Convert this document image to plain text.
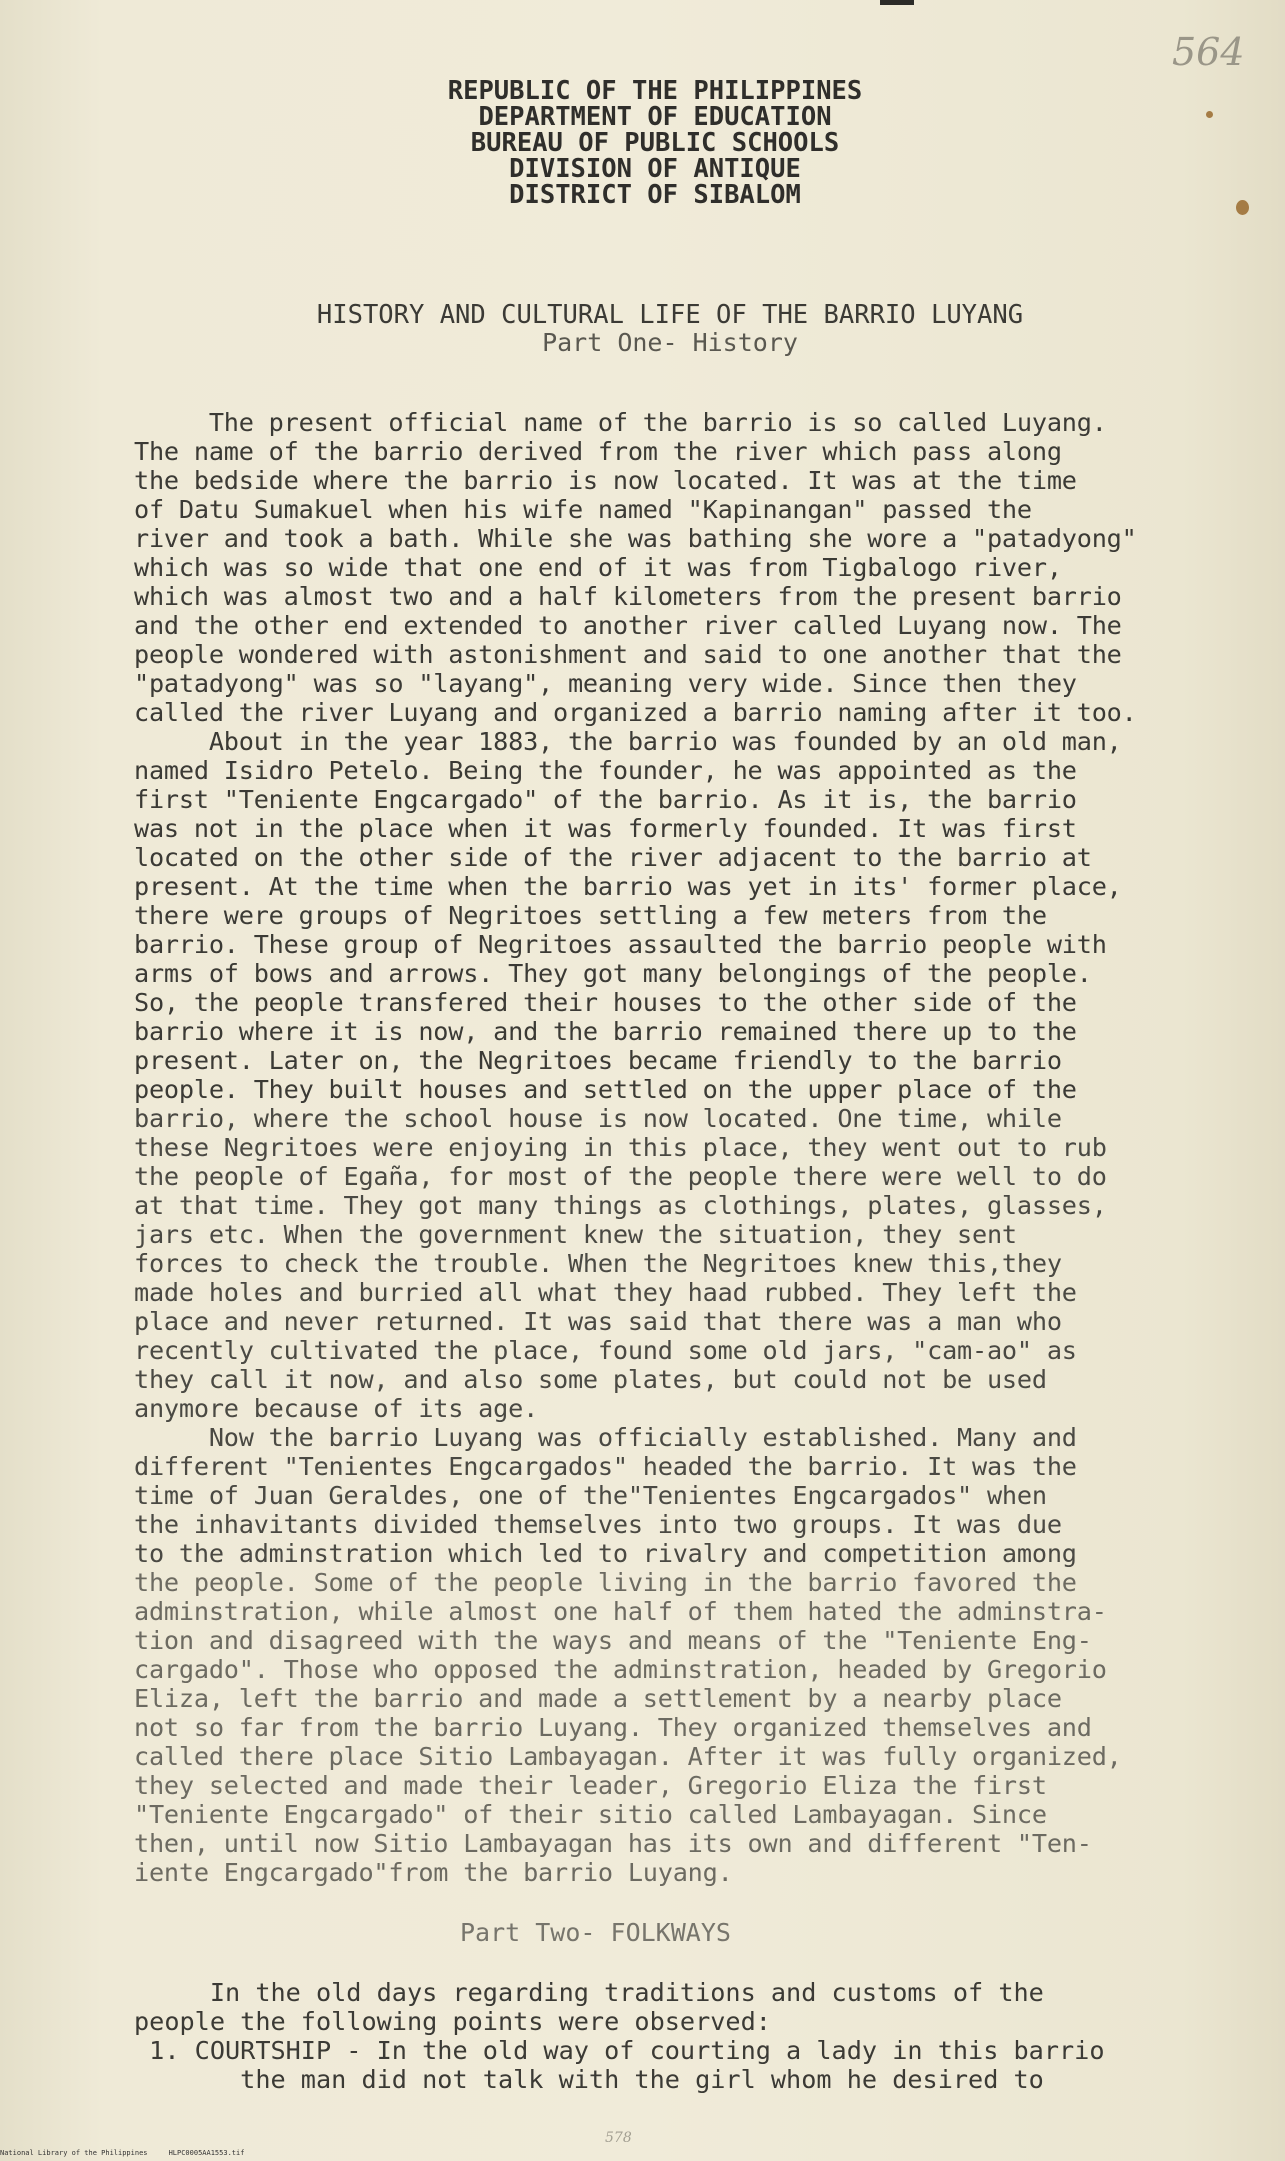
564
REPUBLIC OF THE PHILIPPINES
DEPARTMENT OF EDUCATION
BUREAU OF PUBLIC SCHOOLS
DIVISION OF ANTIQUE
DISTRICT OF SIBALOM
HISTORY AND CULTURAL LIFE OF THE BARRIO LUYANG
Part One- History
The present official name of the barrio is so called Luyang.
The name of the barrio derived from the river which pass along
the bedside where the barrio is now located. It was at the time
of Datu Sumakuel when his wife named "Kapinangan" passed the
river and took a bath. While she was bathing she wore a "patadyong"
which was so wide that one end of it was from Tigbalogo river,
which was almost two and a half kilometers from the present barrio
and the other end extended to another river called Luyang now. The
people wondered with astonishment and said to one another that the
"patadyong" was so "layang", meaning very wide. Since then they
called the river Luyang and organized a barrio naming after it too.
About in the year 1883, the barrio was founded by an old man,
named Isidro Petelo. Being the founder, he was appointed as the
first "Teniente Engcargado" of the barrio. As it is, the barrio
was not in the place when it was formerly founded. It was first
located on the other side of the river adjacent to the barrio at
present. At the time when the barrio was yet in its' former place,
there were groups of Negritoes settling a few meters from the
barrio. These group of Negritoes assaulted the barrio people with
arms of bows and arrows. They got many belongings of the people.
So, the people transfered their houses to the other side of the
barrio where it is now, and the barrio remained there up to the
present. Later on, the Negritoes became friendly to the barrio
people. They built houses and settled on the upper place of the
barrio, where the school house is now located. One time, while
these Negritoes were enjoying in this place, they went out to rub
the people of Egaña, for most of the people there were well to do
at that time. They got many things as clothings, plates, glasses,
jars etc. When the government knew the situation, they sent
forces to check the trouble. When the Negritoes knew this,they
made holes and burried all what they haad rubbed. They left the
place and never returned. It was said that there was a man who
recently cultivated the place, found some old jars, "cam-ao" as
they call it now, and also some plates, but could not be used
anymore because of its age.
Now the barrio Luyang was officially established. Many and
different "Tenientes Engcargados" headed the barrio. It was the
time of Juan Geraldes, one of the"Tenientes Engcargados" when
the inhavitants divided themselves into two groups. It was due
to the adminstration which led to rivalry and competition among
the people. Some of the people living in the barrio favored the
adminstration, while almost one half of them hated the adminstra-
tion and disagreed with the ways and means of the "Teniente Eng-
cargado". Those who opposed the adminstration, headed by Gregorio
Eliza, left the barrio and made a settlement by a nearby place
not so far from the barrio Luyang. They organized themselves and
called there place Sitio Lambayagan. After it was fully organized,
they selected and made their leader, Gregorio Eliza the first
"Teniente Engcargado" of their sitio called Lambayagan. Since
then, until now Sitio Lambayagan has its own and different "Ten-
iente Engcargado"from the barrio Luyang.
Part Two- FOLKWAYS
In the old days regarding traditions and customs of the
people the following points were observed:
1. COURTSHIP - In the old way of courting a lady in this barrio
the man did not talk with the girl whom he desired to
578
National Library of the Philippines     HLPC0005AA1553.tif
